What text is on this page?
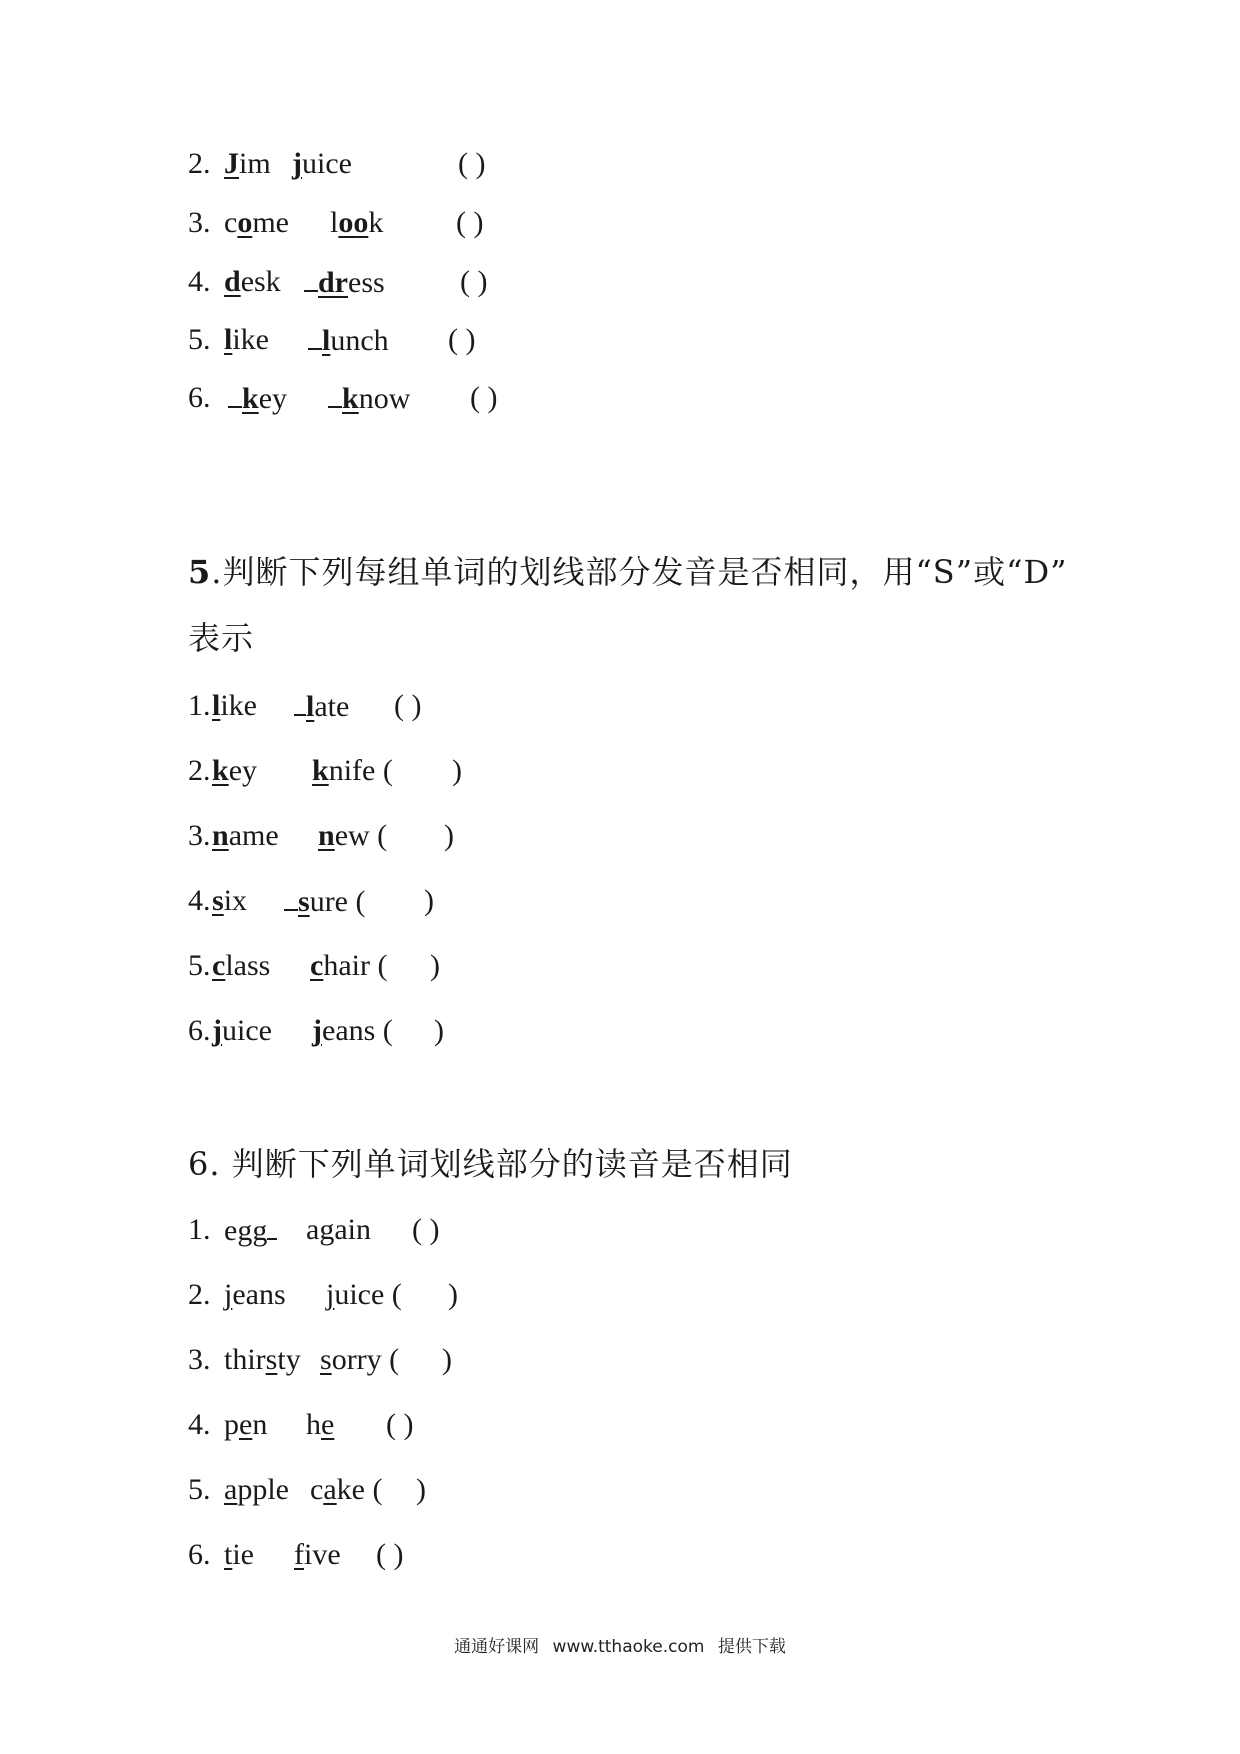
2. Jim juice	( )
3. come look ( )
4. desk	dress	( )
5. like	lunch ( )
6.	key	know ( )
5.判断下列每组单词的划线部分发音是否相同，用“S”或“D”
表示
1. like	late ( )
2. key knife ( )
3. name new ( )
4. six	sure ( )
5. class chair ( )
6. juice jeans ( )
6. 判断下列单词划线部分的读音是否相同
1. egg	again ( )
2. jeans juice ( )
3. thirsty sorry ( )
4. pen he ( )
5. apple cake ( )
6. tie five ( )
通通好课网 www.tthaoke.com 提供下载
